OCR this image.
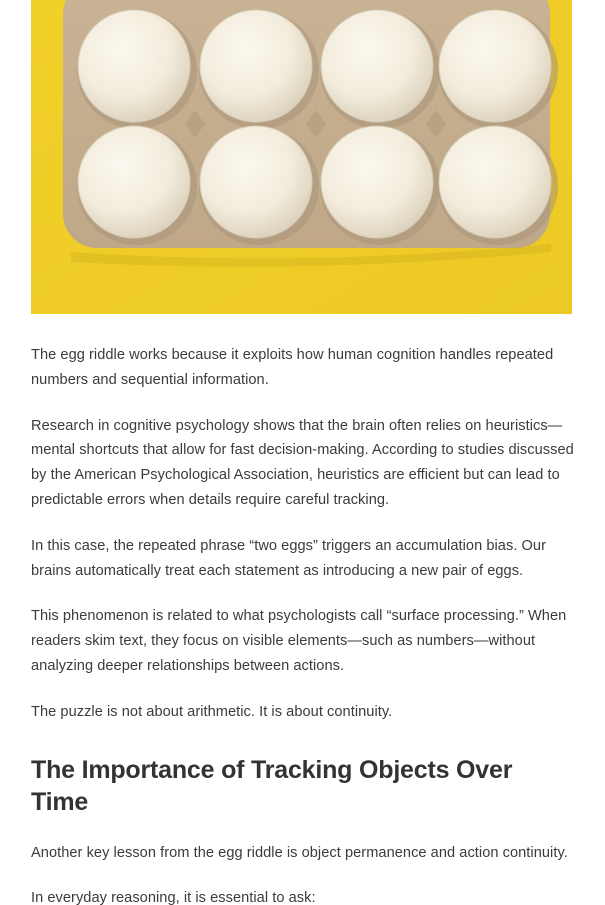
The egg riddle works because it exploits how human cognition handles repeated numbers and sequential information.

Research in cognitive psychology shows that the brain often relies on heuristics—mental shortcuts that allow for fast decision-making. According to studies discussed by the American Psychological Association, heuristics are efficient but can lead to predictable errors when details require careful tracking.

In this case, the repeated phrase “two eggs” triggers an accumulation bias. Our brains automatically treat each statement as introducing a new pair of eggs.

This phenomenon is related to what psychologists call “surface processing.” When readers skim text, they focus on visible elements—such as numbers—without analyzing deeper relationships between actions.

The puzzle is not about arithmetic. It is about continuity.

The Importance of Tracking Objects Over Time

Another key lesson from the egg riddle is object permanence and action continuity.

In everyday reasoning, it is essential to ask:
